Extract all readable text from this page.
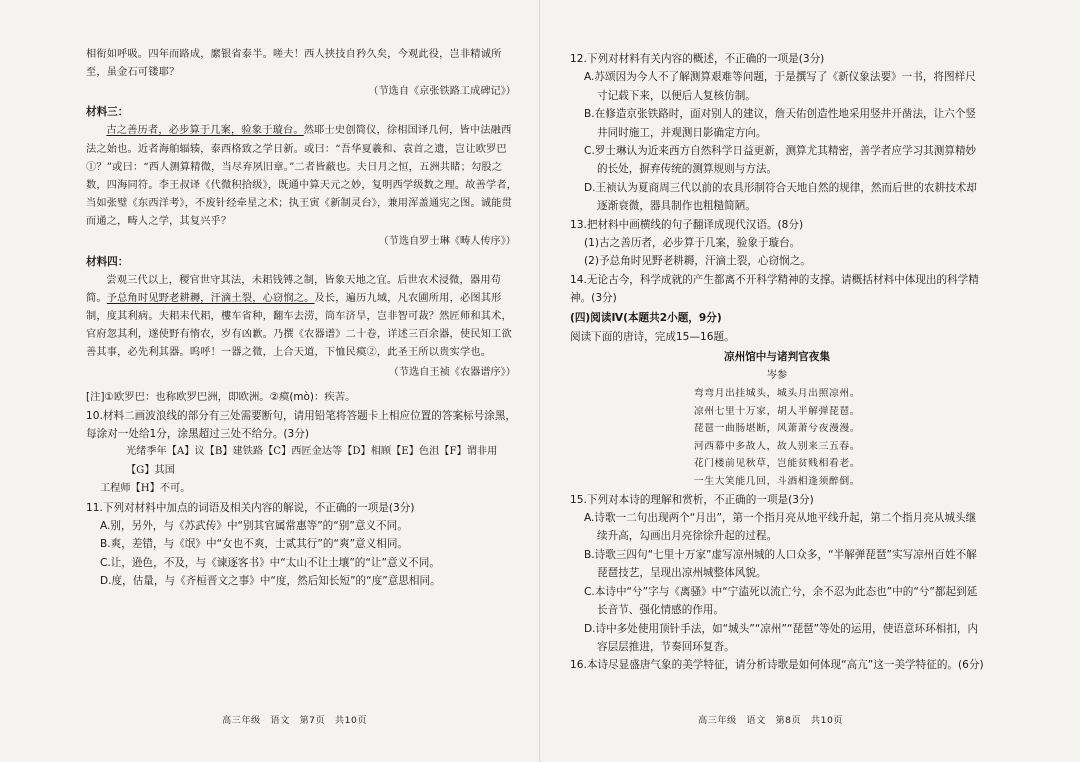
相衔如呼吸。四年而路成，縻银省泰半。嗟夫！西人挟技自矜久矣，今观此役，岂非精诚所至，虽金石可镂耶？

（节选自《京张铁路工成碑记》）

材料三：

古之善历者，必步算于几案，验象于璇台。然耶士史创简仪，徐相国译几何，皆中法融西法之始也。近者海舶辐辏，泰西格致之学日新。或曰：“吾华夏羲和、袁首之遗，岂让欧罗巴①？”或曰：“西人测算精微，当尽弃夙旧章。”二者皆蔽也。夫日月之恒，五洲共睹；勾股之数，四海同符。李王叔译《代微积拾级》，既通中算天元之妙，复明西学级数之理。故善学者，当如张璧《东西洋考》，不废针经牵星之术；执王寅《新制灵台》，兼用浑盖通宪之图。诚能贯而通之，畴人之学，其复兴乎？

（节选自罗士琳《畴人传序》）

材料四：

尝观三代以上，稷官世守其法，未耜钱镈之制，皆象天地之宜。后世农术浸微，器用苟简。予总角时见野老耕耨，汗滴土裂，心窃悯之。及长，遍历九域，凡农圃所用，必图其形制，度其利病。夫耜耒代耜，樓车省种，翻车去涝，筒车济旱，岂非智可裁？然匠师和其术，官府忽其利，遂使野有惰农，岁有凶歉。乃撰《农器谱》二十卷，详述三百余器，使民知工欲善其事，必先利其器。呜呼！一器之微，上合天道，下恤民瘼②，此圣王所以贵实学也。

（节选自王祯《农器谱序》）

[注]①欧罗巴：也称欧罗巴洲，即欧洲。②瘼(mò)：疾苦。

10.材料二画波浪线的部分有三处需要断句，请用铅笔将答题卡上相应位置的答案标号涂黑，每涂对一处给1分，涂黑超过三处不给分。(3分)

光绪季年【A】议【B】建铁路【C】西匠金达等【D】相顾【E】色沮【F】谓非用【G】其国

工程师【H】不可。

11.下列对材料中加点的词语及相关内容的解说，不正确的一项是(3分)

A.别，另外，与《苏武传》中“别其官属常惠等”的“别”意义不同。

B.爽，差错，与《氓》中“女也不爽，士贰其行”的“爽”意义相同。

C.让，逊色，不及，与《谏逐客书》中“太山不让土壤”的“让”意义不同。

D.度，估量，与《齐桓晋文之事》中“度，然后知长短”的“度”意思相同。

高三年级　语文　第7页　共10页

12.下列对材料有关内容的概述，不正确的一项是(3分)

A.苏颂因为今人不了解测算艰难等问题，于是撰写了《新仪象法要》一书，将图样尺寸记载下来，以便后人复核仿制。

B.在修造京张铁路时，面对别人的建议，詹天佑创造性地采用竖井开凿法，让六个竖井同时施工，并观测日影确定方向。

C.罗士琳认为近来西方自然科学日益更新，测算尤其精密，善学者应学习其测算精妙的长处，摒弃传统的测算规则与方法。

D.王祯认为夏商周三代以前的农具形制符合天地自然的规律，然而后世的农耕技术却逐渐衰微，器具制作也粗糙简陋。

13.把材料中画横线的句子翻译成现代汉语。(8分)

(1)古之善历者，必步算于几案，验象于璇台。

(2)予总角时见野老耕耨，汗滴土裂，心窃悯之。

14.无论古今，科学成就的产生都离不开科学精神的支撑。请概括材料中体现出的科学精神。(3分)

(四)阅读Ⅳ(本题共2小题，9分)

阅读下面的唐诗，完成15—16题。

凉州馆中与诸判官夜集

岑参

弯弯月出挂城头，城头月出照凉州。

凉州七里十万家，胡人半解弹琵琶。

琵琶一曲肠堪断，风萧萧兮夜漫漫。

河西幕中多故人，故人别来三五春。

花门楼前见秋草，岂能贫贱相看老。

一生大笑能几回，斗酒相逢须醉倒。

15.下列对本诗的理解和赏析，不正确的一项是(3分)

A.诗歌一二句出现两个“月出”，第一个指月亮从地平线升起，第二个指月亮从城头继续升高，勾画出月亮徐徐升起的过程。

B.诗歌三四句“七里十万家”虚写凉州城的人口众多，“半解弹琵琶”实写凉州百姓不解琵琶技艺，呈现出凉州城整体风貌。

C.本诗中“兮”字与《离骚》中“宁溘死以流亡兮，余不忍为此态也”中的“兮”都起到延长音节、强化情感的作用。

D.诗中多处使用顶针手法，如“城头”“凉州”“琵琶”等处的运用，使语意环环相扣，内容层层推进，节奏回环复沓。

16.本诗尽显盛唐气象的美学特征，请分析诗歌是如何体现“高亢”这一美学特征的。(6分)

高三年级　语文　第8页　共10页
